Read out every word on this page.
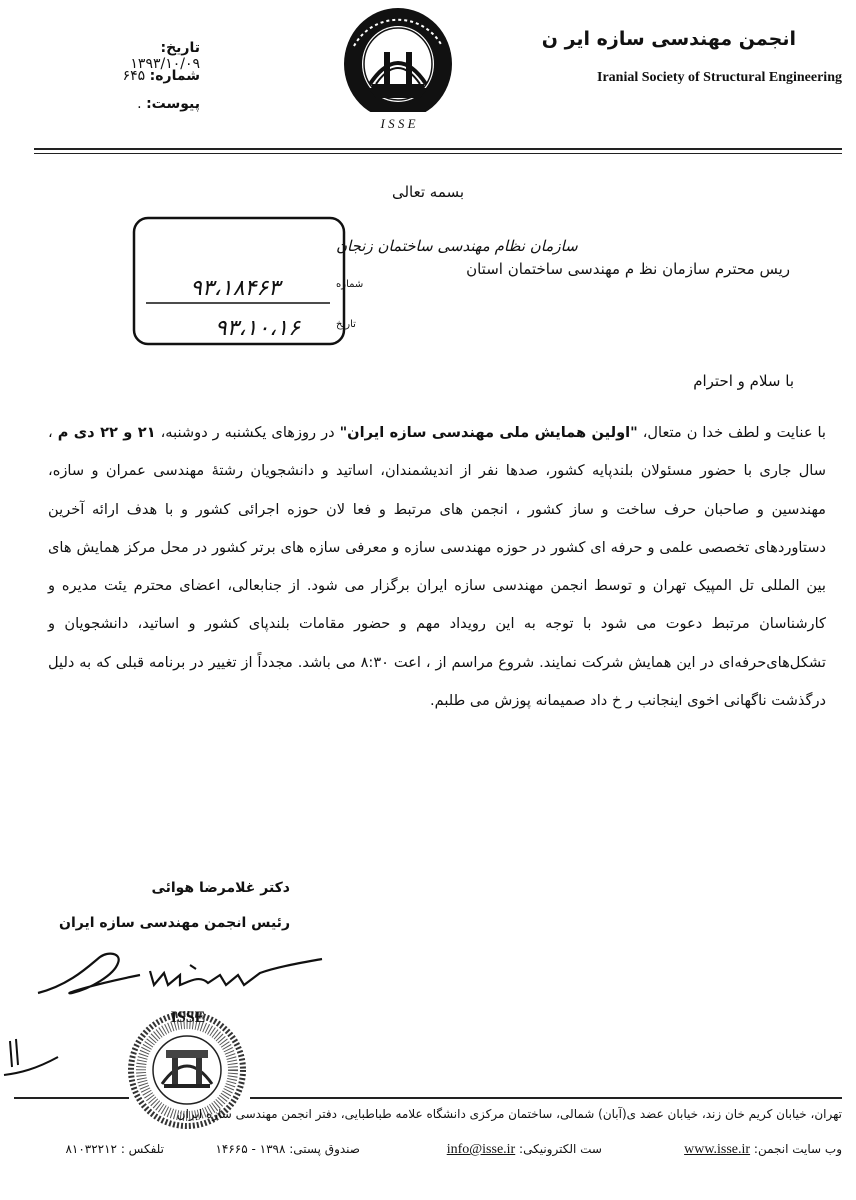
انجمن مهندسی سازه ایر ن
Iranial Society of Structural Engineering
تاریخ: ۱۳۹۳/۱۰/۰۹
شماره: ۶۴۵
پیوست: .
I S S E
بسمه تعالی
سازمان نظام مهندسی ساختمان زنجان
شماره
۹۳،۱۸۴۶۳
تاریخ
۹۳،۱۰،۱۶
ریس محترم سازمان نظ م مهندسی ساختمان استان
با سلام و احترام
با عنایت و لطف خدا ن متعال، "اولین همایش ملی مهندسی سازه ایران" در روزهای یکشنبه ر دوشنبه، ۲۱ و ۲۲ دی م ، سال جاری با حضور مسئولان بلندپایه کشور، صدها نفر از اندیشمندان، اساتید و دانشجویان رشتهٔ مهندسی عمران و سازه، مهندسین و صاحبان حرف ساخت و ساز کشور ، انجمن های مرتبط و فعا لان حوزه اجرائی کشور و با هدف ارائه آخرین دستاوردهای تخصصی علمی و حرفه ای کشور در حوزه مهندسی سازه و معرفی سازه های برتر کشور در محل مرکز همایش های بین المللی تل المپیک تهران و توسط انجمن مهندسی سازه ایران برگزار می شود. از جنابعالی، اعضای محترم یئت مدیره و کارشناسان مرتبط دعوت می شود با توجه به این رویداد مهم و حضور مقامات بلندپای کشور و اساتید، دانشجویان و تشکل‌های‌حرفه‌ای در این همایش شرکت نمایند. شروع مراسم از ، اعت ۸:۳۰ می باشد. مجدداً از تغییر در برنامه قبلی که به دلیل درگذشت ناگهانی اخوی اینجانب ر خ داد صمیمانه پوزش می طلبم.
دکتر غلامرضا هوائی
رئیس انجمن مهندسی سازه ایران
ISSE
تهران، خیابان کریم خان زند، خیابان عضد ی(آبان) شمالی، ساختمان مرکزی دانشگاه علامه طباطبایی، دفتر انجمن مهندسی سازه ایران
وب سایت انجمن: www.isse.ir
ست الکترونیکی: info@isse.ir
صندوق پستی: ۱۳۹۸ - ۱۴۶۶۵
تلفکس : ۸۱۰۳۲۲۱۲
